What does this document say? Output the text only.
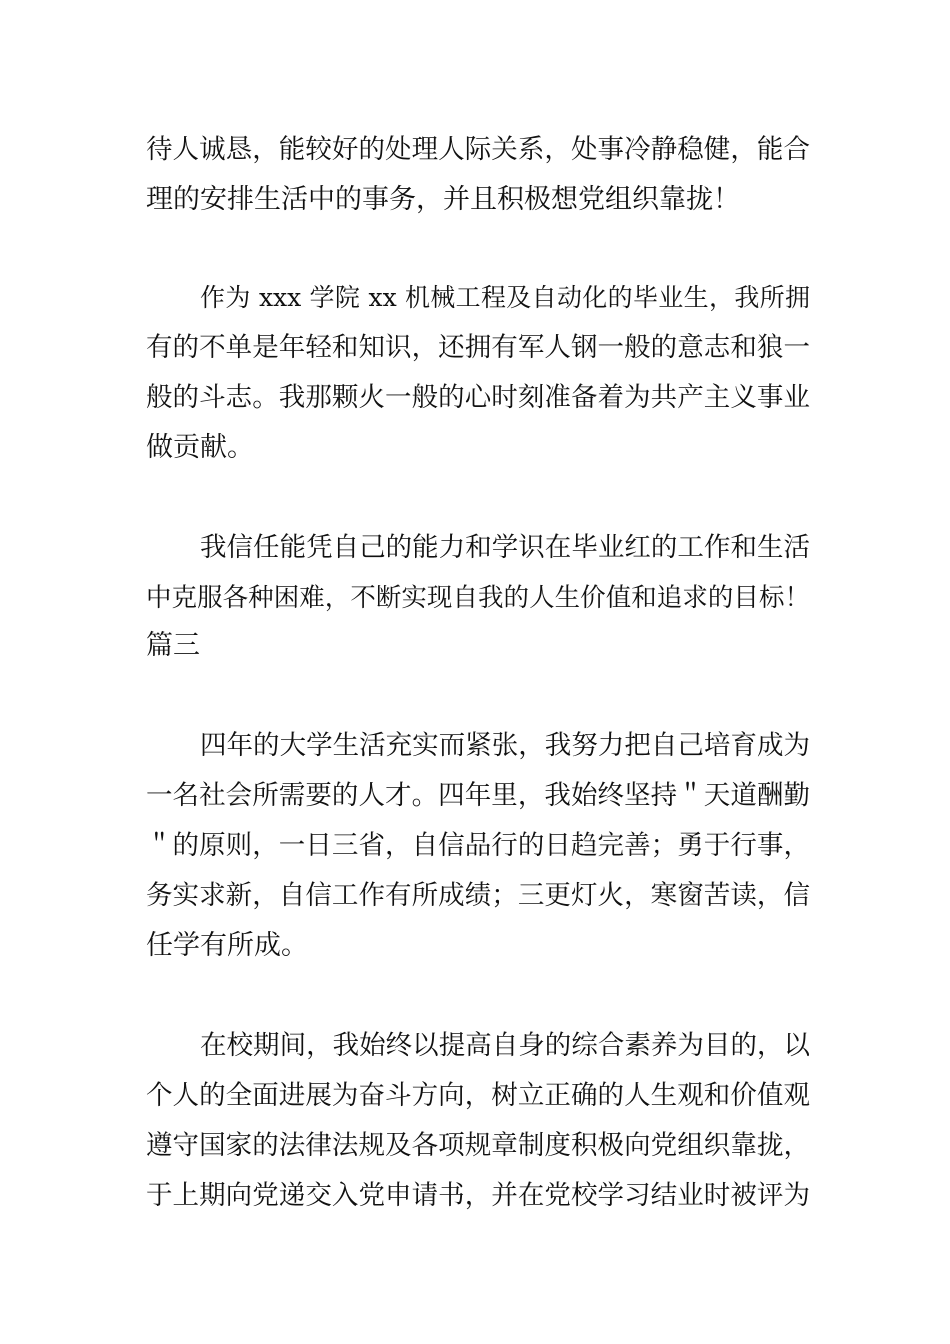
待人诚恳，能较好的处理人际关系，处事冷静稳健，能合
理的安排生活中的事务，并且积极想党组织靠拢！
作为 xxx 学院 xx 机械工程及自动化的毕业生，我所拥
有的不单是年轻和知识，还拥有军人钢一般的意志和狼一
般的斗志。我那颗火一般的心时刻准备着为共产主义事业
做贡献。
我信任能凭自己的能力和学识在毕业红的工作和生活
中克服各种困难，不断实现自我的人生价值和追求的目标！
篇三
四年的大学生活充实而紧张，我努力把自己培育成为
一名社会所需要的人才。四年里，我始终坚持＂天道酬勤
＂的原则，一日三省，自信品行的日趋完善；勇于行事，
务实求新，自信工作有所成绩；三更灯火，寒窗苦读，信
任学有所成。
在校期间，我始终以提高自身的综合素养为目的，以
个人的全面进展为奋斗方向，树立正确的人生观和价值观
遵守国家的法律法规及各项规章制度积极向党组织靠拢，
于上期向党递交入党申请书，并在党校学习结业时被评为
